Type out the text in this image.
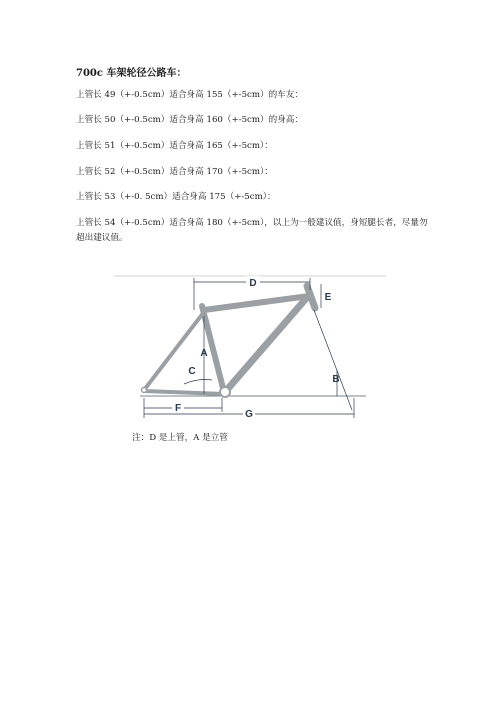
700c 车架轮径公路车：
上管长 49（+-0.5cm）适合身高 155（+-5cm）的车友：
上管长 50（+-0.5cm）适合身高 160（+-5cm）的身高：
上管长 51（+-0.5cm）适合身高 165（+-5cm）：
上管长 52（+-0.5cm）适合身高 170（+-5cm）：
上管长 53（+-0. 5cm）适合身高 175（+-5cm）：
上管长 54（+-0.5cm）适合身高 180（+-5cm），以上为一般建议值，身短腿长者，尽量勿超出建议值。
D
E
A
B
C
F
G
注：D 是上管，A 是立管
